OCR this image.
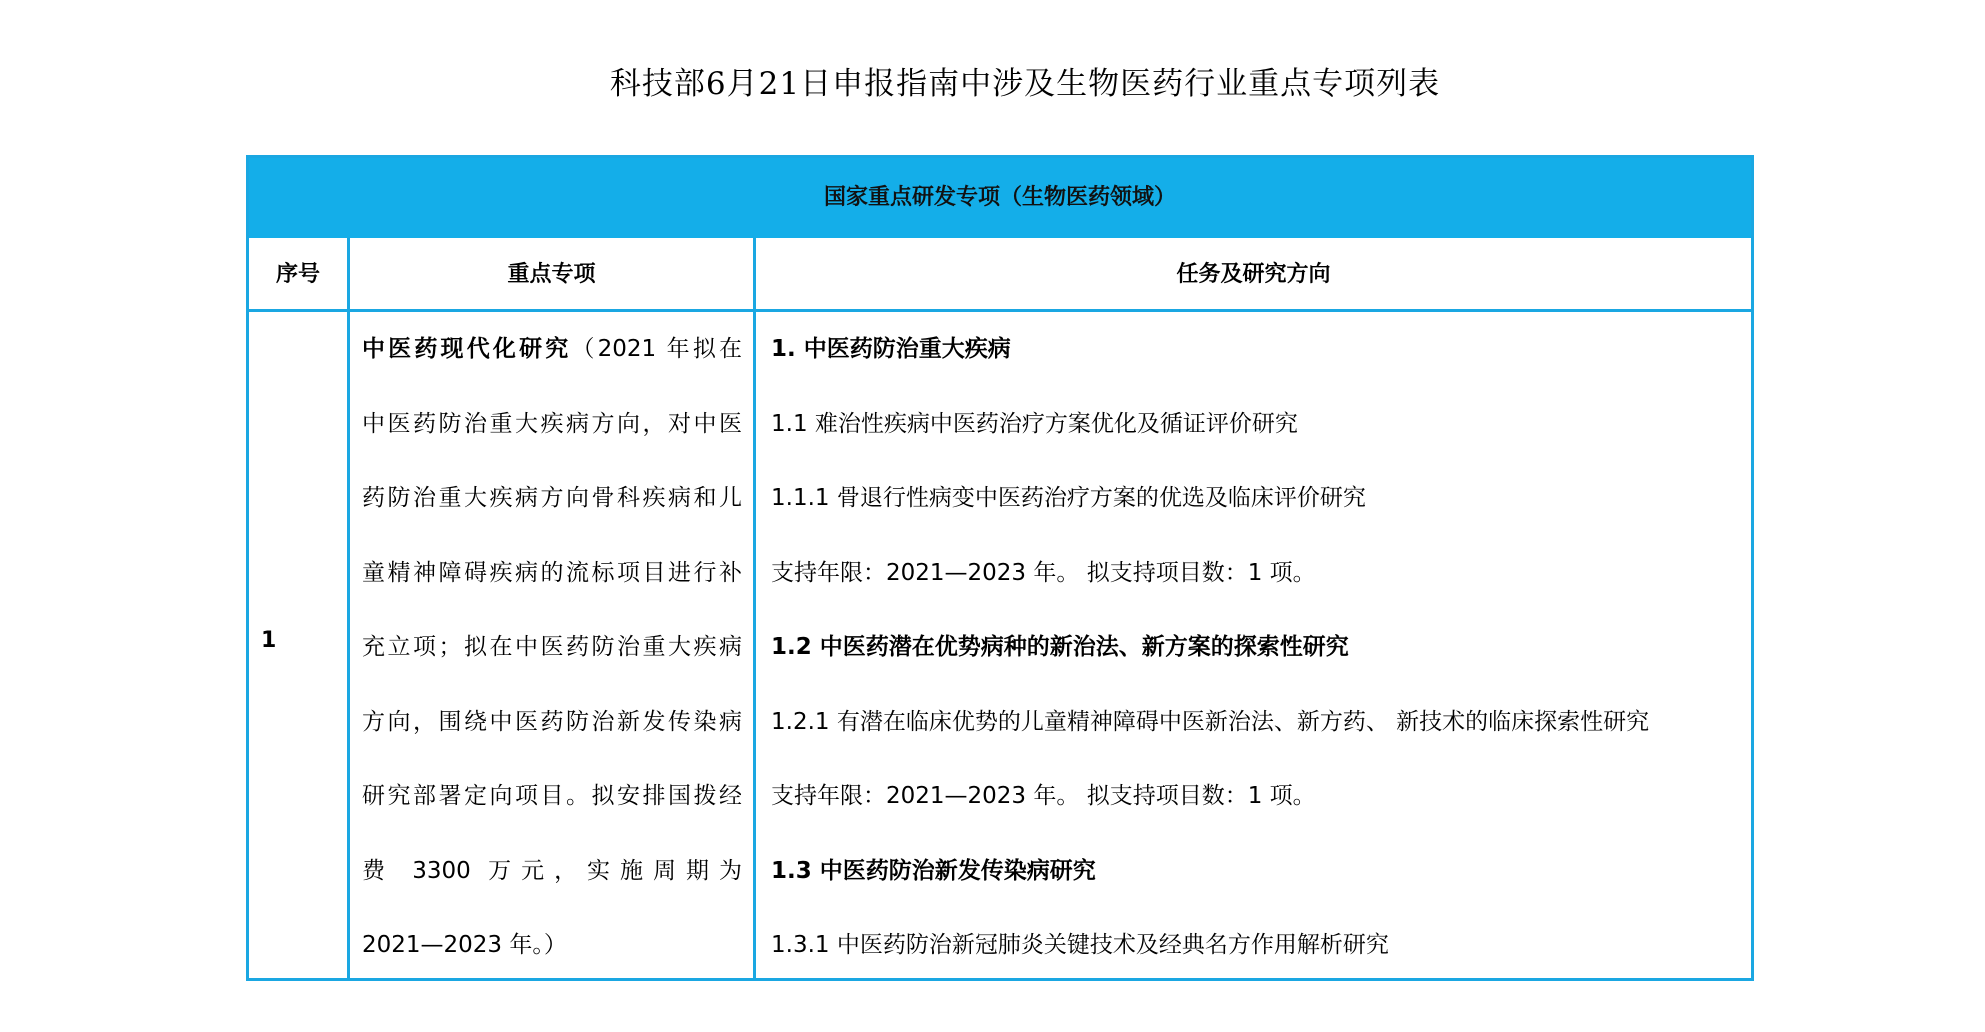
科技部6月21日申报指南中涉及生物医药行业重点专项列表
国家重点研发专项（生物医药领域）
序号	重点专项	任务及研究方向
1
中医药现代化研究（2021 年拟在
中医药防治重大疾病方向，对中医
药防治重大疾病方向骨科疾病和儿
童精神障碍疾病的流标项目进行补
充立项；拟在中医药防治重大疾病
方向，围绕中医药防治新发传染病
研究部署定向项目。拟安排国拨经
费 3300 万元，实施周期为
2021—2023 年。）
1. 中医药防治重大疾病
1.1 难治性疾病中医药治疗方案优化及循证评价研究
1.1.1 骨退行性病变中医药治疗方案的优选及临床评价研究
支持年限：2021—2023 年。 拟支持项目数：1 项。
1.2 中医药潜在优势病种的新治法、新方案的探索性研究
1.2.1 有潜在临床优势的儿童精神障碍中医新治法、新方药、 新技术的临床探索性研究
支持年限：2021—2023 年。 拟支持项目数：1 项。
1.3 中医药防治新发传染病研究
1.3.1 中医药防治新冠肺炎关键技术及经典名方作用解析研究
